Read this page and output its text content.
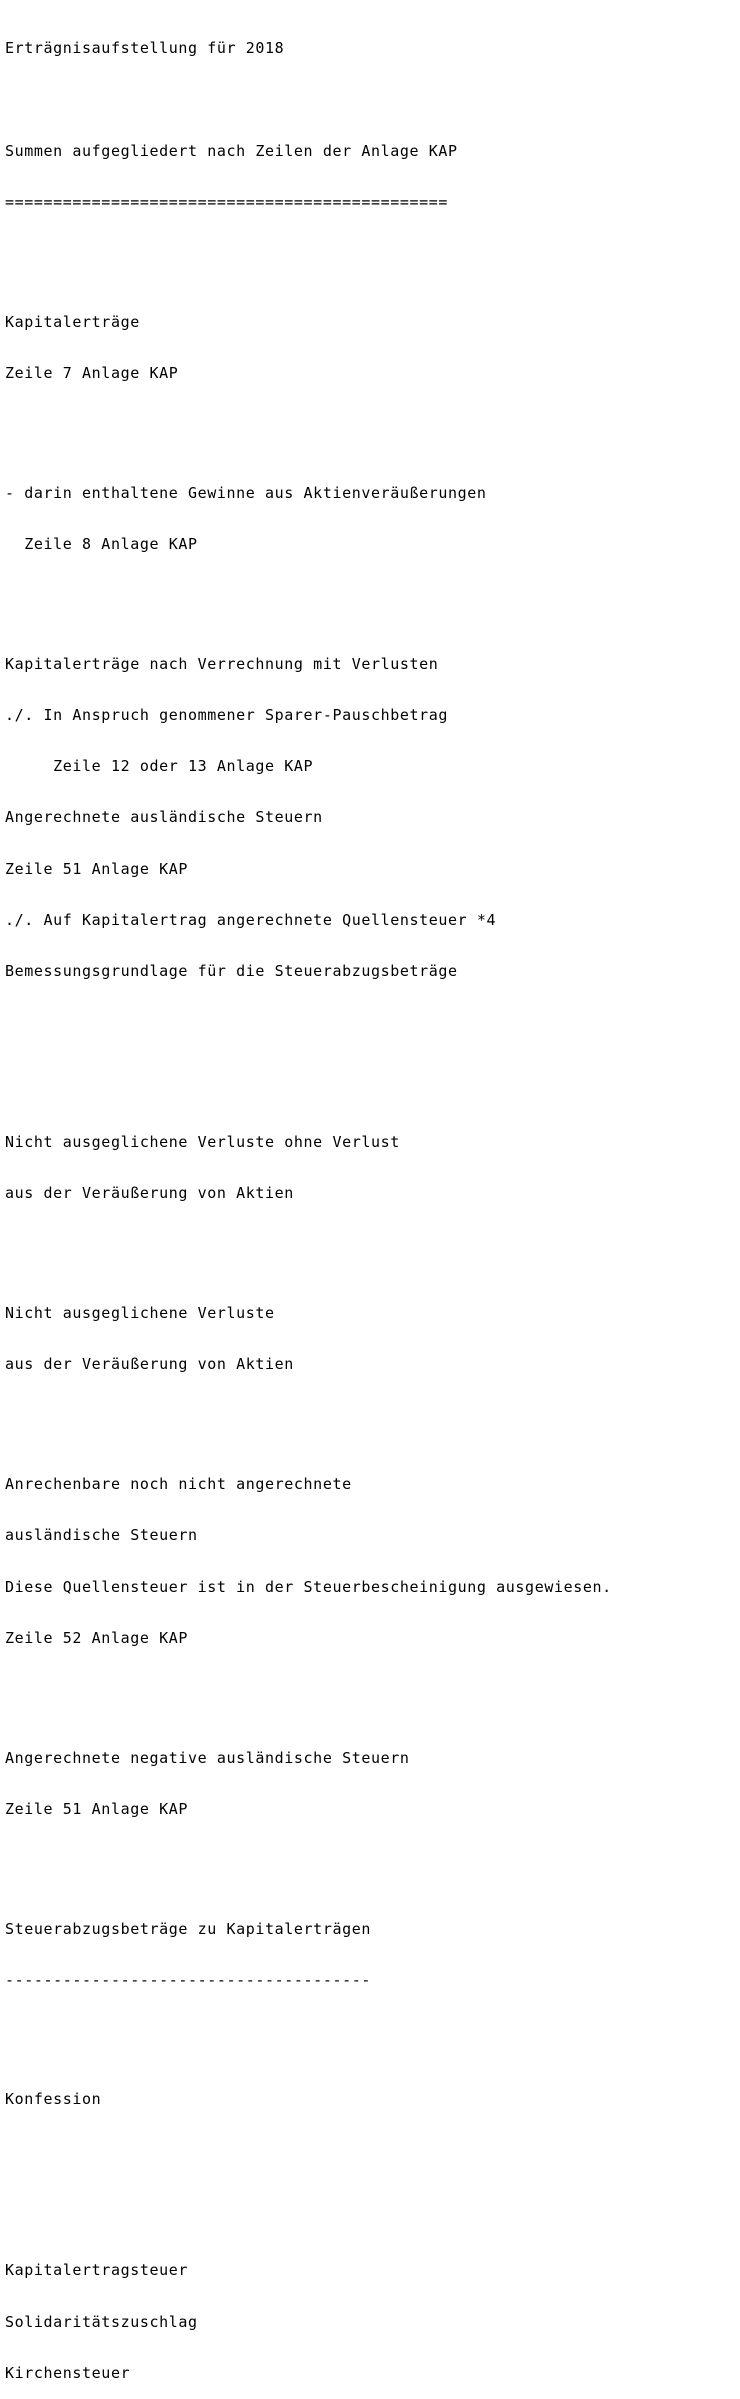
Erträgnisaufstellung für 2018

Summen aufgegliedert nach Zeilen der Anlage KAP

==============================================

Kapitalerträge

Zeile 7 Anlage KAP

- darin enthaltene Gewinne aus Aktienveräußerungen

Zeile 8 Anlage KAP

Kapitalerträge nach Verrechnung mit Verlusten

./. In Anspruch genommener Sparer-Pauschbetrag

Zeile 12 oder 13 Anlage KAP

Angerechnete ausländische Steuern

Zeile 51 Anlage KAP

./. Auf Kapitalertrag angerechnete Quellensteuer *4

Bemessungsgrundlage für die Steuerabzugsbeträge

Nicht ausgeglichene Verluste ohne Verlust

aus der Veräußerung von Aktien

Nicht ausgeglichene Verluste

aus der Veräußerung von Aktien

Anrechenbare noch nicht angerechnete

ausländische Steuern

Diese Quellensteuer ist in der Steuerbescheinigung ausgewiesen.

Zeile 52 Anlage KAP

Angerechnete negative ausländische Steuern

Zeile 51 Anlage KAP

Steuerabzugsbeträge zu Kapitalerträgen

--------------------------------------

Konfession

Kapitalertragsteuer

Solidaritätszuschlag

Kirchensteuer
